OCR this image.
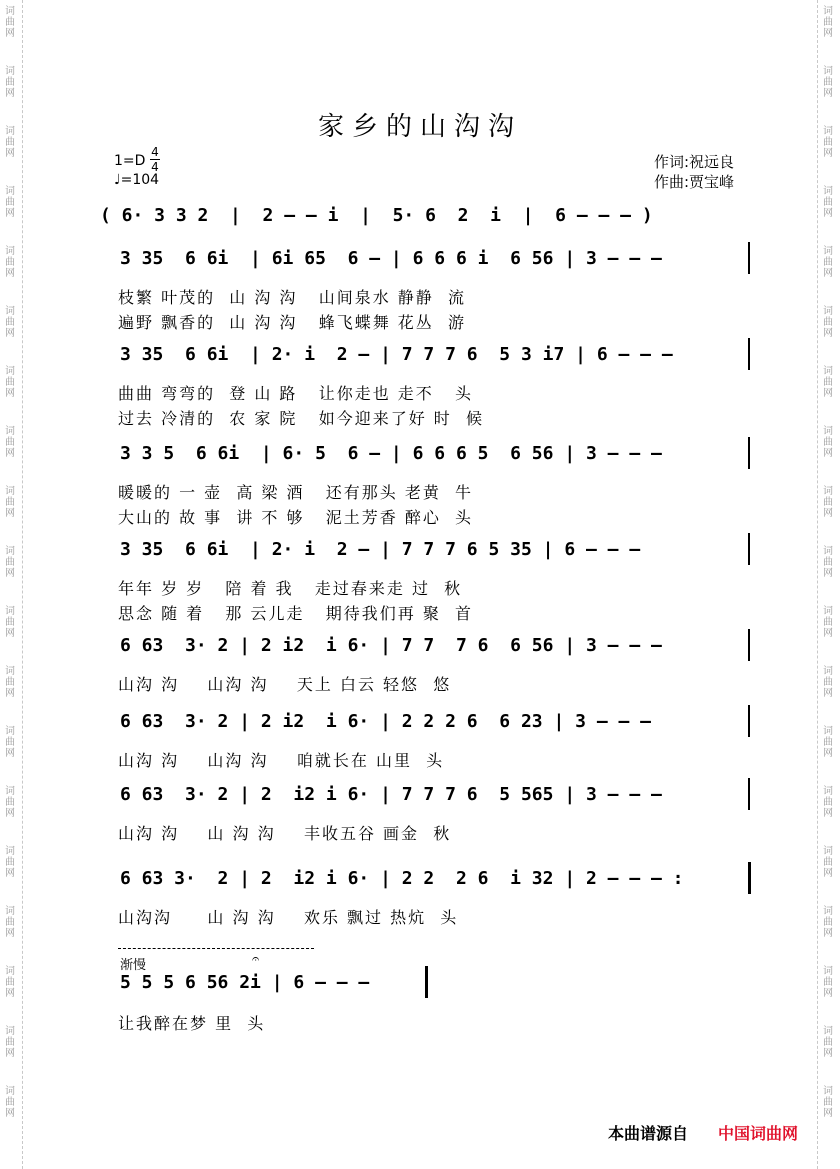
词曲网
词曲网
词曲网
词曲网
词曲网
词曲网
词曲网
词曲网
词曲网
词曲网
词曲网
词曲网
词曲网
词曲网
词曲网
词曲网
词曲网
词曲网
词曲网
词曲网
词曲网
词曲网
词曲网
词曲网
词曲网
词曲网
词曲网
词曲网
词曲网
词曲网
词曲网
词曲网
词曲网
词曲网
词曲网
词曲网
词曲网
词曲网
家乡的山沟沟
1=D
4
4
♩=104
作词:祝远良
作曲:贾宝峰
( 6· 3 3 2  |  2 — — i  |  5· 6  2  i  |  6 — — — )
3 35  6 6i  | 6i 65  6 — | 6 6 6 i  6 56 | 3 — — —
枝繁 叶茂的  山 沟 沟   山间泉水 静静  流
遍野 飘香的  山 沟 沟   蜂飞蝶舞 花丛  游
3 35  6 6i  | 2· i  2 — | 7 7 7 6  5 3 i7 | 6 — — —
曲曲 弯弯的  登 山 路   让你走也 走不   头
过去 冷清的  农 家 院   如今迎来了好 时  候
3 3 5  6 6i  | 6· 5  6 — | 6 6 6 5  6 56 | 3 — — —
暖暖的 一 壶  高 梁 酒   还有那头 老黄  牛
大山的 故 事  讲 不 够   泥土芳香 醉心  头
3 35  6 6i  | 2· i  2 — | 7 7 7 6 5 35 | 6 — — —
年年 岁 岁   陪 着 我   走过春来走 过  秋
思念 随 着   那 云儿走   期待我们再 聚  首
6 63  3· 2 | 2 i2  i 6· | 7 7  7 6  6 56 | 3 — — —
山沟 沟    山沟 沟    天上 白云 轻悠  悠
6 63  3· 2 | 2 i2  i 6· | 2 2 2 6  6 23 | 3 — — —
山沟 沟    山沟 沟    咱就长在 山里  头
6 63  3· 2 | 2  i2 i 6· | 7 7 7 6  5 565 | 3 — — —
山沟 沟    山 沟 沟    丰收五谷 画金  秋
6 63 3·  2 | 2  i2 i 6· | 2 2  2 6  i 32 | 2 — — — :
山沟沟     山 沟 沟    欢乐 飘过 热炕  头
渐慢	𝄐
5 5 5 6 56 2i | 6 — — —
让我醉在梦 里  头
本曲谱源自 中国词曲网
